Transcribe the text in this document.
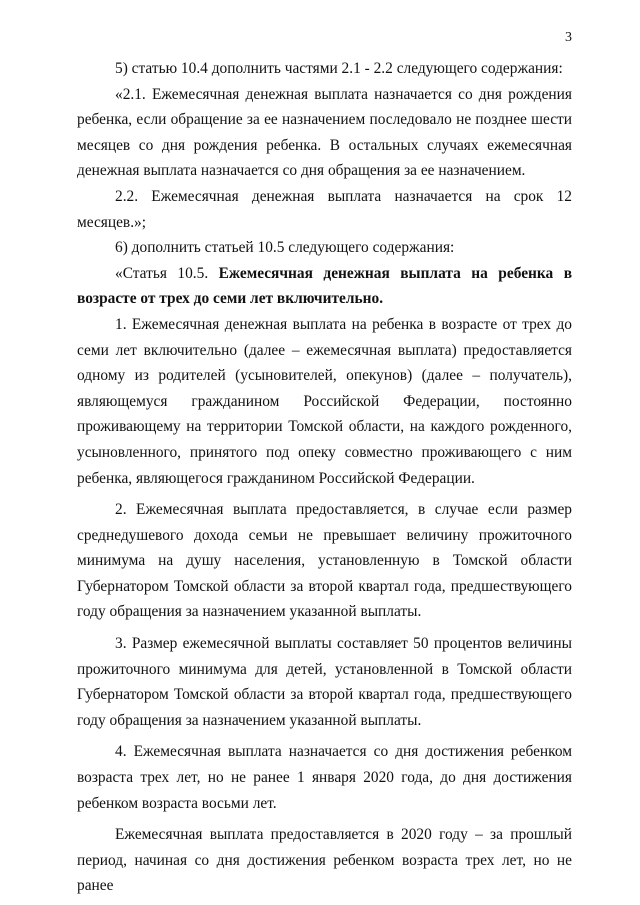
3

5) статью 10.4 дополнить частями 2.1 - 2.2 следующего содержания:

«2.1. Ежемесячная денежная выплата назначается со дня рождения ребенка, если обращение за ее назначением последовало не позднее шести месяцев со дня рождения ребенка. В остальных случаях ежемесячная денежная выплата назначается со дня обращения за ее назначением.

2.2. Ежемесячная денежная выплата назначается на срок 12 месяцев.»;

6) дополнить статьей 10.5 следующего содержания:

«Статья 10.5. Ежемесячная денежная выплата на ребенка в возрасте от трех до семи лет включительно.

1. Ежемесячная денежная выплата на ребенка в возрасте от трех до семи лет включительно (далее – ежемесячная выплата) предоставляется одному из родителей (усыновителей, опекунов) (далее – получатель), являющемуся гражданином Российской Федерации, постоянно проживающему на территории Томской области, на каждого рожденного, усыновленного, принятого под опеку совместно проживающего с ним ребенка, являющегося гражданином Российской Федерации.

2. Ежемесячная выплата предоставляется, в случае если размер среднедушевого дохода семьи не превышает величину прожиточного минимума на душу населения, установленную в Томской области Губернатором Томской области за второй квартал года, предшествующего году обращения за назначением указанной выплаты.

3. Размер ежемесячной выплаты составляет 50 процентов величины прожиточного минимума для детей, установленной в Томской области Губернатором Томской области за второй квартал года, предшествующего году обращения за назначением указанной выплаты.

4. Ежемесячная выплата назначается со дня достижения ребенком возраста трех лет, но не ранее 1 января 2020 года, до дня достижения ребенком возраста восьми лет.

Ежемесячная выплата предоставляется в 2020 году – за прошлый период, начиная со дня достижения ребенком возраста трех лет, но не ранее
